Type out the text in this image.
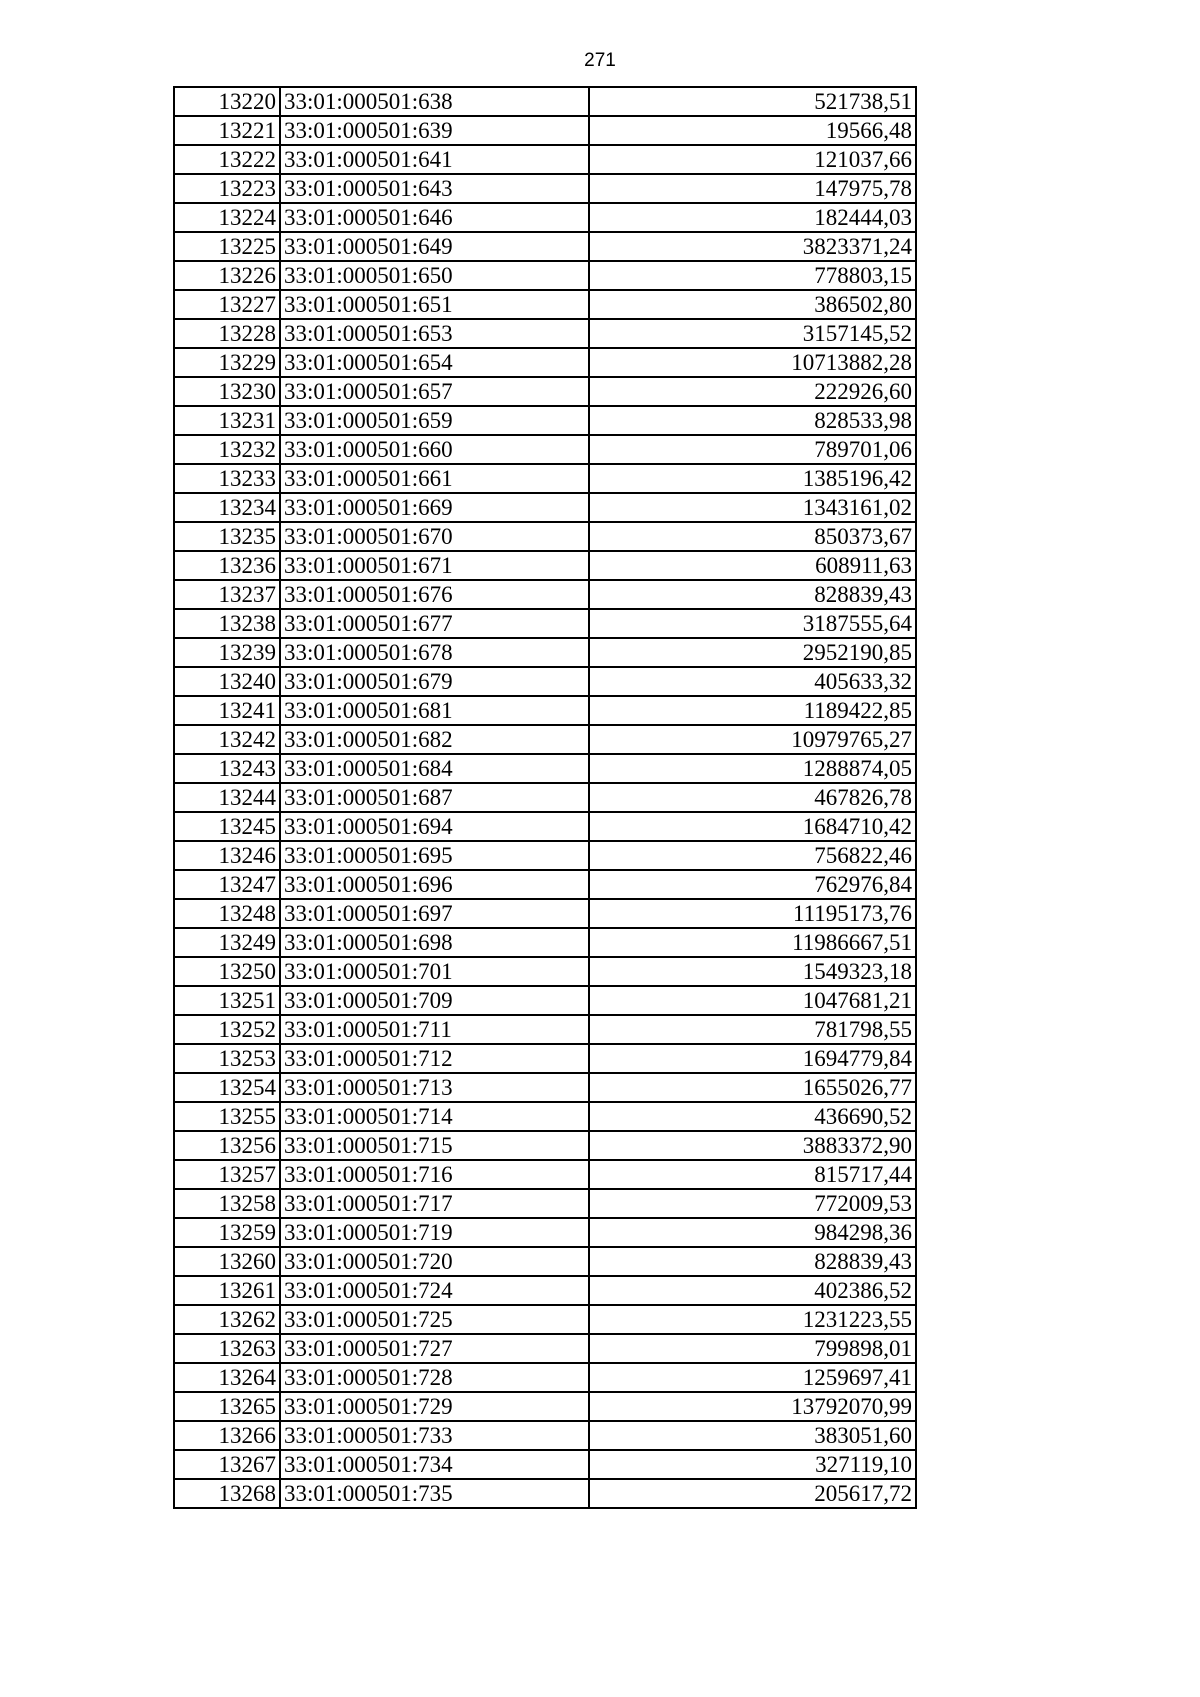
271
13220	33:01:000501:638	521738,51
13221	33:01:000501:639	19566,48
13222	33:01:000501:641	121037,66
13223	33:01:000501:643	147975,78
13224	33:01:000501:646	182444,03
13225	33:01:000501:649	3823371,24
13226	33:01:000501:650	778803,15
13227	33:01:000501:651	386502,80
13228	33:01:000501:653	3157145,52
13229	33:01:000501:654	10713882,28
13230	33:01:000501:657	222926,60
13231	33:01:000501:659	828533,98
13232	33:01:000501:660	789701,06
13233	33:01:000501:661	1385196,42
13234	33:01:000501:669	1343161,02
13235	33:01:000501:670	850373,67
13236	33:01:000501:671	608911,63
13237	33:01:000501:676	828839,43
13238	33:01:000501:677	3187555,64
13239	33:01:000501:678	2952190,85
13240	33:01:000501:679	405633,32
13241	33:01:000501:681	1189422,85
13242	33:01:000501:682	10979765,27
13243	33:01:000501:684	1288874,05
13244	33:01:000501:687	467826,78
13245	33:01:000501:694	1684710,42
13246	33:01:000501:695	756822,46
13247	33:01:000501:696	762976,84
13248	33:01:000501:697	11195173,76
13249	33:01:000501:698	11986667,51
13250	33:01:000501:701	1549323,18
13251	33:01:000501:709	1047681,21
13252	33:01:000501:711	781798,55
13253	33:01:000501:712	1694779,84
13254	33:01:000501:713	1655026,77
13255	33:01:000501:714	436690,52
13256	33:01:000501:715	3883372,90
13257	33:01:000501:716	815717,44
13258	33:01:000501:717	772009,53
13259	33:01:000501:719	984298,36
13260	33:01:000501:720	828839,43
13261	33:01:000501:724	402386,52
13262	33:01:000501:725	1231223,55
13263	33:01:000501:727	799898,01
13264	33:01:000501:728	1259697,41
13265	33:01:000501:729	13792070,99
13266	33:01:000501:733	383051,60
13267	33:01:000501:734	327119,10
13268	33:01:000501:735	205617,72
